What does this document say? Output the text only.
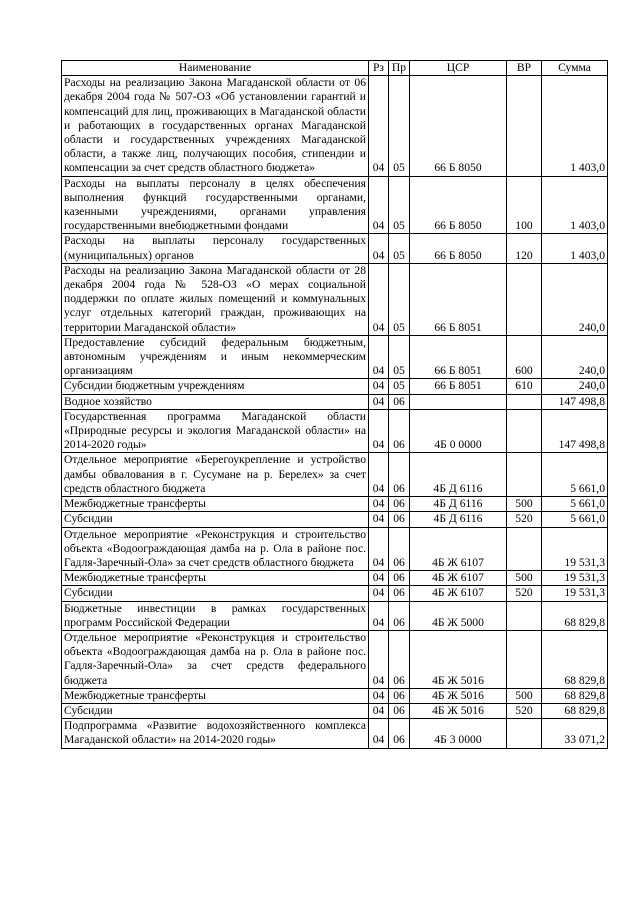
Наименование	Рз	Пр	ЦСР	ВР	Сумма
Расходы на реализацию Закона Магаданской области от 06 декабря 2004 года № 507-ОЗ «Об установлении гарантий и компенсаций для лиц, проживающих в Магаданской области и работающих в государственных органах Магаданской области и государственных учреждениях Магаданской области, а также лиц, получающих пособия, стипендии и компенсации за счет средств областного бюджета»	04	05	66 Б 8050		1 403,0
Расходы на выплаты персоналу в целях обеспечения выполнения функций государственными органами, казенными учреждениями, органами управления государственными внебюджетными фондами	04	05	66 Б 8050	100	1 403,0
Расходы на выплаты персоналу государственных (муниципальных) органов	04	05	66 Б 8050	120	1 403,0
Расходы на реализацию Закона Магаданской области от 28 декабря 2004 года № 528-ОЗ «О мерах социальной поддержки по оплате жилых помещений и коммунальных услуг отдельных категорий граждан, проживающих на территории Магаданской области»	04	05	66 Б 8051		240,0
Предоставление субсидий федеральным бюджетным, автономным учреждениям и иным некоммерческим организациям	04	05	66 Б 8051	600	240,0
Субсидии бюджетным учреждениям	04	05	66 Б 8051	610	240,0
Водное хозяйство	04	06			147 498,8
Государственная программа Магаданской области «Природные ресурсы и экология Магаданской области» на 2014-2020 годы»	04	06	4Б 0 0000		147 498,8
Отдельное мероприятие «Берегоукрепление и устройство дамбы обвалования в г. Сусумане на р. Берелех» за счет средств областного бюджета	04	06	4Б Д 6116		5 661,0
Межбюджетные трансферты	04	06	4Б Д 6116	500	5 661,0
Субсидии	04	06	4Б Д 6116	520	5 661,0
Отдельное мероприятие «Реконструкция и строительство объекта «Водоограждающая дамба на р. Ола в районе пос. Гадля-Заречный-Ола» за счет средств областного бюджета	04	06	4Б Ж 6107		19 531,3
Межбюджетные трансферты	04	06	4Б Ж 6107	500	19 531,3
Субсидии	04	06	4Б Ж 6107	520	19 531,3
Бюджетные инвестиции в рамках государственных программ Российской Федерации	04	06	4Б Ж 5000		68 829,8
Отдельное мероприятие «Реконструкция и строительство объекта «Водоограждающая дамба на р. Ола в районе пос. Гадля-Заречный-Ола» за счет средств федерального бюджета	04	06	4Б Ж 5016		68 829,8
Межбюджетные трансферты	04	06	4Б Ж 5016	500	68 829,8
Субсидии	04	06	4Б Ж 5016	520	68 829,8
Подпрограмма «Развитие водохозяйственного комплекса Магаданской области» на 2014-2020 годы»	04	06	4Б 3 0000		33 071,2
